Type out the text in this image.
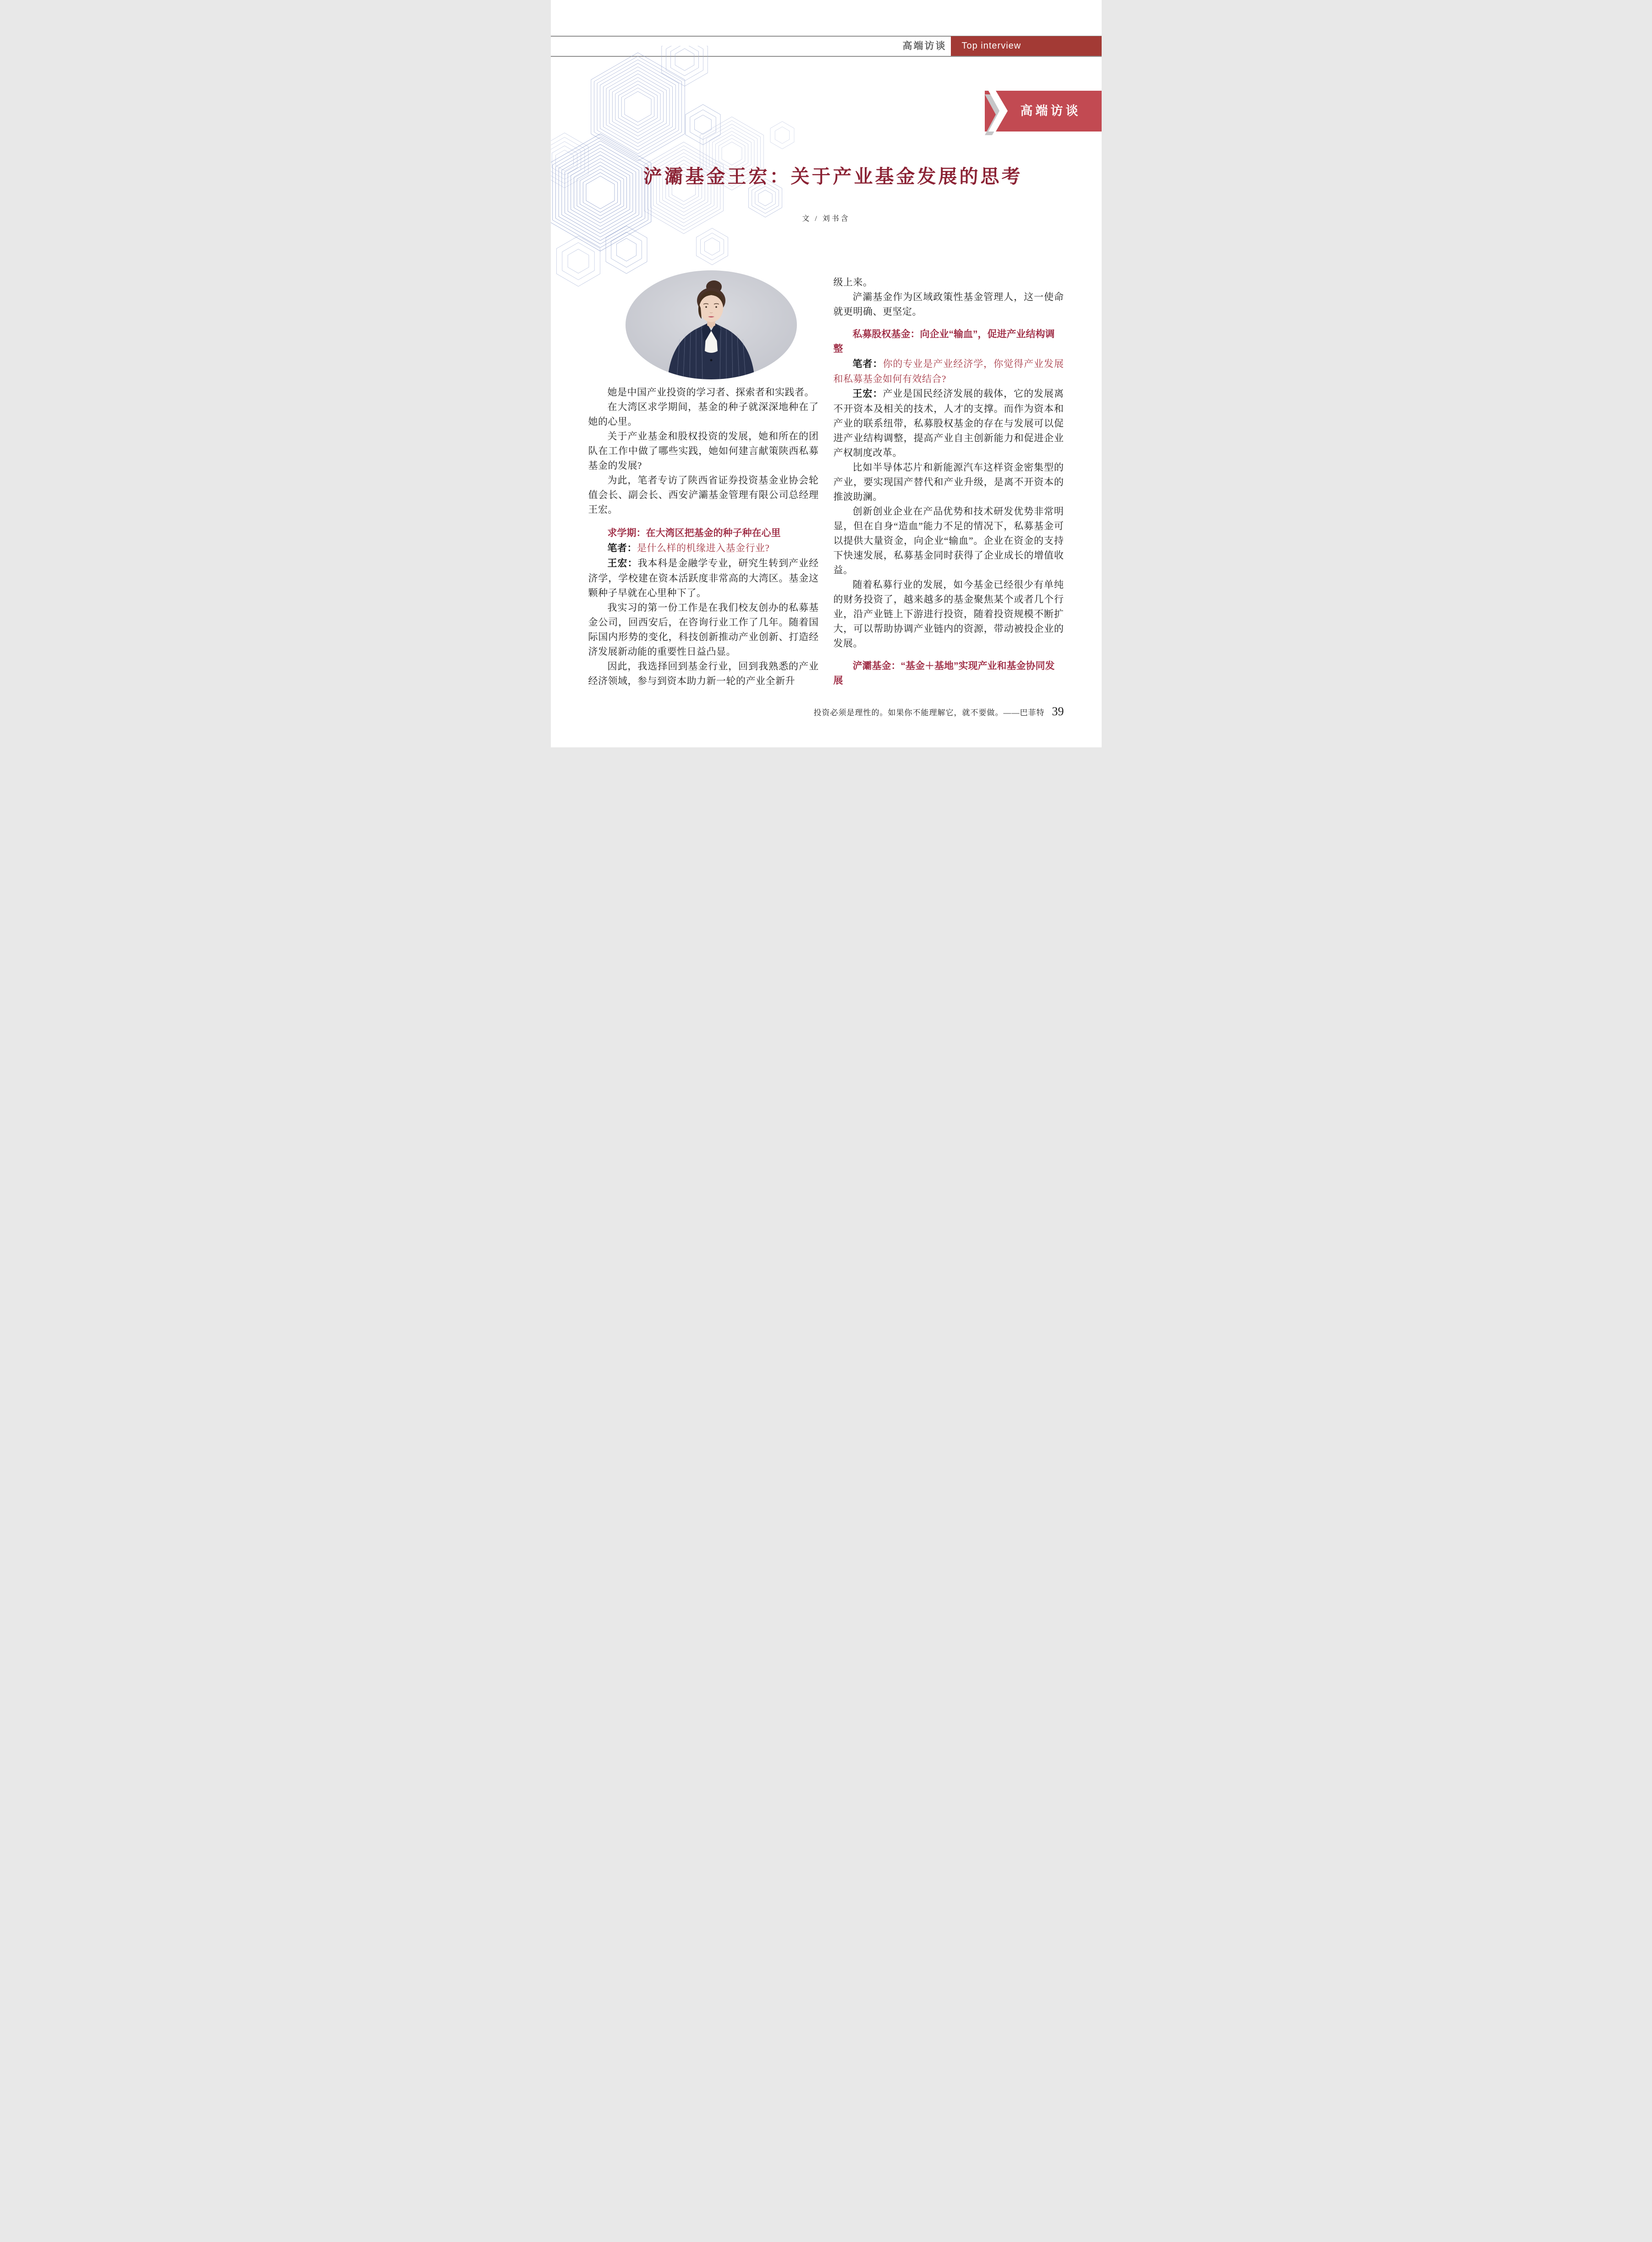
高端访谈 Top interview
高端访谈
浐灞基金王宏：关于产业基金发展的思考
文 / 刘书含

她是中国产业投资的学习者、探索者和实践者。

在大湾区求学期间，基金的种子就深深地种在了她的心里。

关于产业基金和股权投资的发展，她和所在的团队在工作中做了哪些实践，她如何建言献策陕西私募基金的发展?

为此，笔者专访了陕西省证券投资基金业协会轮值会长、副会长、西安浐灞基金管理有限公司总经理王宏。

求学期：在大湾区把基金的种子种在心里

笔者：是什么样的机缘进入基金行业?

王宏：我本科是金融学专业，研究生转到产业经济学，学校建在资本活跃度非常高的大湾区。基金这颗种子早就在心里种下了。

我实习的第一份工作是在我们校友创办的私募基金公司，回西安后，在咨询行业工作了几年。随着国际国内形势的变化，科技创新推动产业创新、打造经济发展新动能的重要性日益凸显。

因此，我选择回到基金行业，回到我熟悉的产业经济领域，参与到资本助力新一轮的产业全新升

级上来。

浐灞基金作为区域政策性基金管理人，这一使命就更明确、更坚定。

私募股权基金：向企业“输血”，促进产业结构调整

笔者：你的专业是产业经济学，你觉得产业发展和私募基金如何有效结合?

王宏：产业是国民经济发展的载体，它的发展离不开资本及相关的技术，人才的支撑。而作为资本和产业的联系纽带，私募股权基金的存在与发展可以促进产业结构调整，提高产业自主创新能力和促进企业产权制度改革。

比如半导体芯片和新能源汽车这样资金密集型的产业，要实现国产替代和产业升级，是离不开资本的推波助澜。

创新创业企业在产品优势和技术研发优势非常明显，但在自身“造血”能力不足的情况下，私募基金可以提供大量资金，向企业“输血”。企业在资金的支持下快速发展，私募基金同时获得了企业成长的增值收益。

随着私募行业的发展，如今基金已经很少有单纯的财务投资了，越来越多的基金聚焦某个或者几个行业，沿产业链上下游进行投资，随着投资规模不断扩大，可以帮助协调产业链内的资源，带动被投企业的发展。

浐灞基金：“基金＋基地”实现产业和基金协同发展
投资必须是理性的。如果你不能理解它，就不要做。——巴菲特 39
